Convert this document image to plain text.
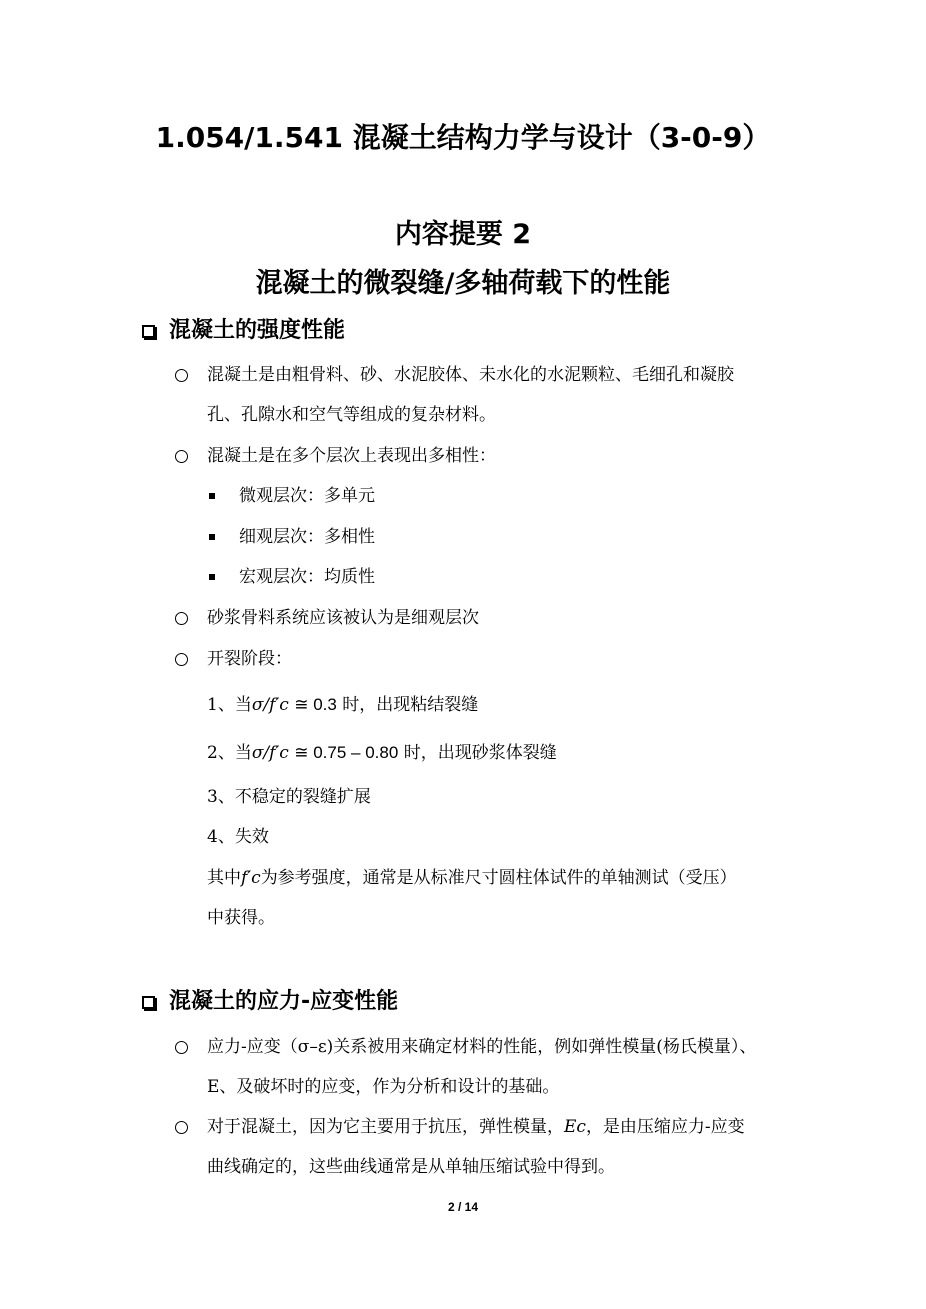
1.054/1.541 混凝土结构力学与设计（3-0-9）
内容提要 2
混凝土的微裂缝/多轴荷载下的性能
混凝土的强度性能
混凝土是由粗骨料、砂、水泥胶体、未水化的水泥颗粒、毛细孔和凝胶
孔、孔隙水和空气等组成的复杂材料。
混凝土是在多个层次上表现出多相性：
微观层次：多单元
细观层次：多相性
宏观层次：均质性
砂浆骨料系统应该被认为是细观层次
开裂阶段：
1、当σ/f′c ≅ 0.3 时，出现粘结裂缝
2、当σ/f′c ≅ 0.75 – 0.80 时，出现砂浆体裂缝
3、不稳定的裂缝扩展
4、失效
其中f′c为参考强度，通常是从标准尺寸圆柱体试件的单轴测试（受压）
中获得。
混凝土的应力-应变性能
应力-应变（σ–ε)关系被用来确定材料的性能，例如弹性模量(杨氏模量）、
E、及破坏时的应变，作为分析和设计的基础。
对于混凝土，因为它主要用于抗压，弹性模量，Ec，是由压缩应力-应变
曲线确定的，这些曲线通常是从单轴压缩试验中得到。
2 / 14
